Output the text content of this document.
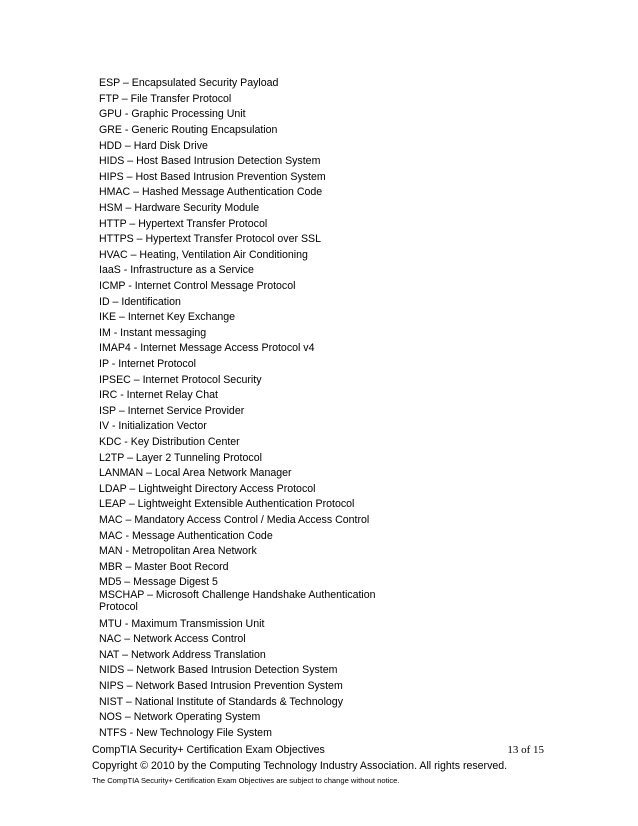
ESP – Encapsulated Security Payload
FTP – File Transfer Protocol
GPU - Graphic Processing Unit
GRE - Generic Routing Encapsulation
HDD – Hard Disk Drive
HIDS – Host Based Intrusion Detection System
HIPS – Host Based Intrusion Prevention System
HMAC – Hashed Message Authentication Code
HSM – Hardware Security Module
HTTP – Hypertext Transfer Protocol
HTTPS – Hypertext Transfer Protocol over SSL
HVAC – Heating, Ventilation Air Conditioning
IaaS - Infrastructure as a Service
ICMP - Internet Control Message Protocol
ID – Identification
IKE – Internet Key Exchange
IM - Instant messaging
IMAP4 - Internet Message Access Protocol v4
IP - Internet Protocol
IPSEC – Internet Protocol Security
IRC - Internet Relay Chat
ISP – Internet Service Provider
IV - Initialization Vector
KDC - Key Distribution Center
L2TP – Layer 2 Tunneling Protocol
LANMAN – Local Area Network Manager
LDAP – Lightweight Directory Access Protocol
LEAP – Lightweight Extensible Authentication Protocol
MAC – Mandatory Access Control / Media Access Control
MAC - Message Authentication Code
MAN - Metropolitan Area Network
MBR – Master Boot Record
MD5 – Message Digest 5
MSCHAP – Microsoft Challenge Handshake Authentication Protocol
MTU - Maximum Transmission Unit
NAC – Network Access Control
NAT – Network Address Translation
NIDS – Network Based Intrusion Detection System
NIPS – Network Based Intrusion Prevention System
NIST – National Institute of Standards & Technology
NOS – Network Operating System
NTFS - New Technology File System
CompTIA Security+ Certification Exam Objectives	13 of 15
Copyright © 2010 by the Computing Technology Industry Association. All rights reserved.
The CompTIA Security+ Certification Exam Objectives are subject to change without notice.
